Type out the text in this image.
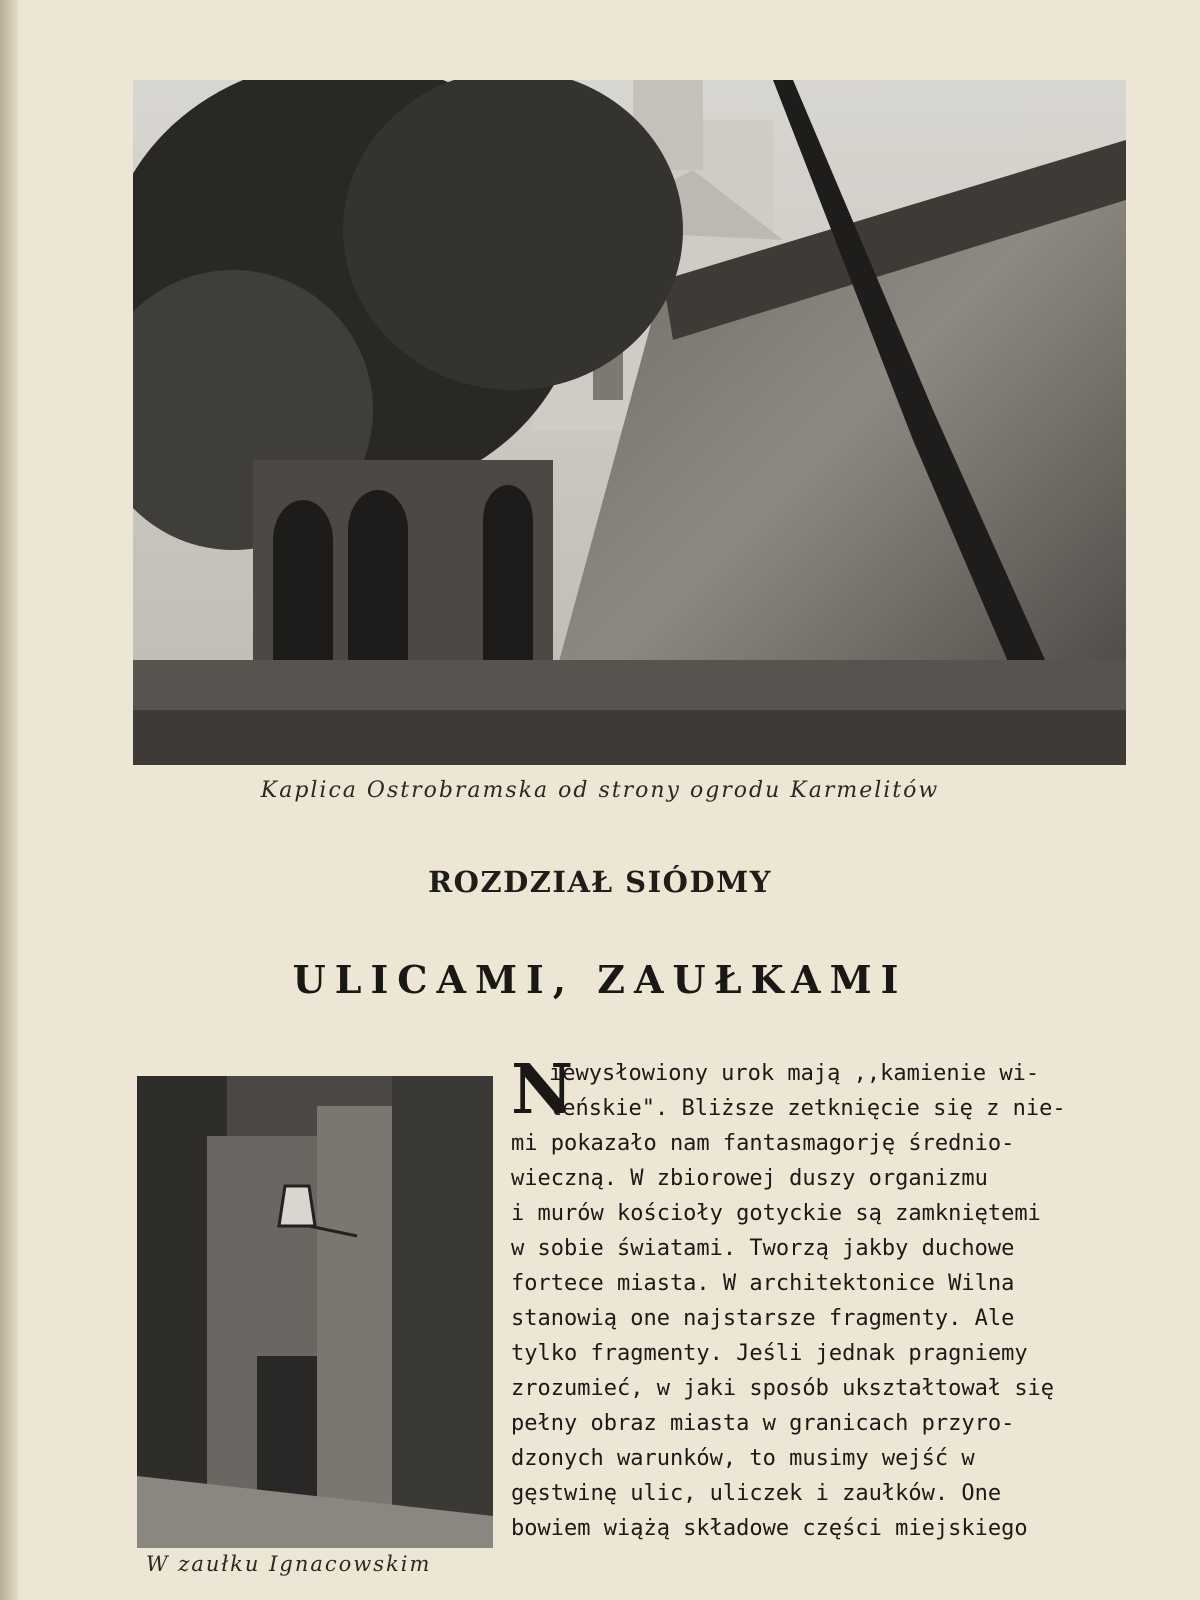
Kaplica Ostrobramska od strony ogrodu Karmelitów
ROZDZIAŁ SIÓDMY
ULICAMI, ZAUŁKAMI
W zaułku Ignacowskim
N
iewysłowiony urok mają ,,kamienie wi-
leńskie". Bliższe zetknięcie się z nie-
mi pokazało nam fantasmagorję średnio-
wieczną. W zbiorowej duszy organizmu
i murów kościoły gotyckie są zamkniętemi
w sobie światami. Tworzą jakby duchowe
fortece miasta. W architektonice Wilna
stanowią one najstarsze fragmenty. Ale
tylko fragmenty. Jeśli jednak pragniemy
zrozumieć, w jaki sposób ukształtował się
pełny obraz miasta w granicach przyro-
dzonych warunków, to musimy wejść w
gęstwinę ulic, uliczek i zaułków. One
bowiem wiążą składowe części miejskiego
